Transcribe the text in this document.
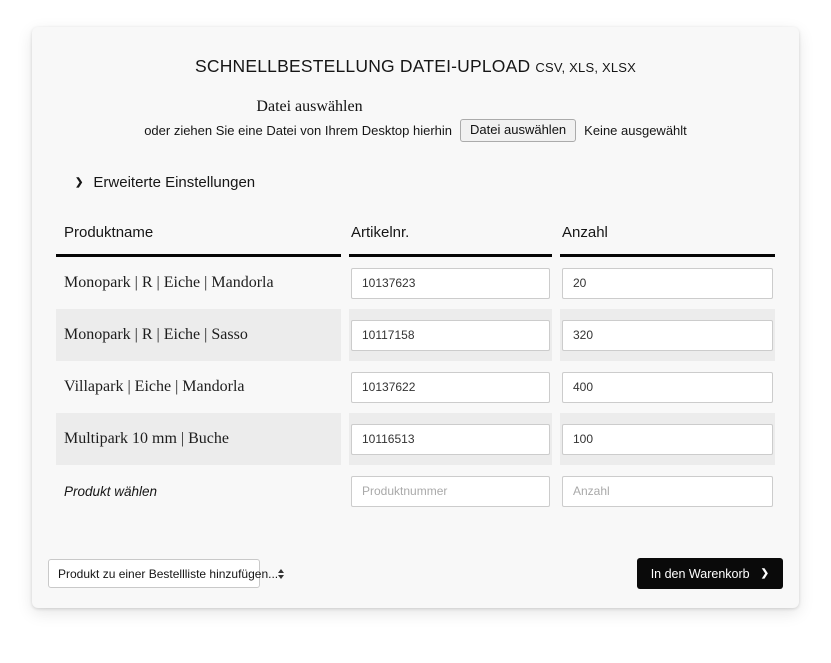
SCHNELLBESTELLUNG DATEI-UPLOAD CSV, XLS, XLSX
Datei auswählen
oder ziehen Sie eine Datei von Ihrem Desktop hierhin	Datei auswählen	Keine ausgewählt
❯ Erweiterte Einstellungen
Produktname	Artikelnr.	Anzahl
Monopark | R | Eiche | Mandorla	10137623	20
Monopark | R | Eiche | Sasso	10117158	320
Villapark | Eiche | Mandorla	10137622	400
Multipark 10 mm | Buche	10116513	100
Produkt wählen	Produktnummer	Anzahl
Produkt zu einer Bestellliste hinzufügen...	In den Warenkorb ❯
